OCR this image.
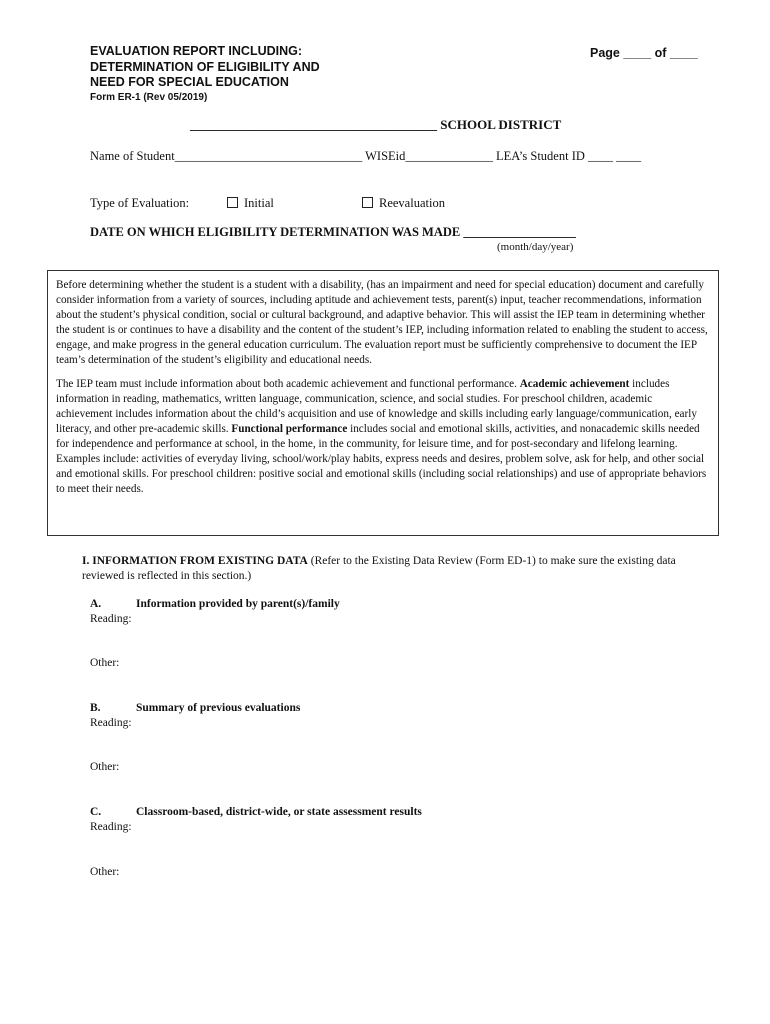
EVALUATION REPORT INCLUDING:
DETERMINATION OF ELIGIBILITY AND
NEED FOR SPECIAL EDUCATION
Page ____ of ____
Form ER-1 (Rev 05/2019)
______________________________________ SCHOOL DISTRICT
Name of Student______________________________ WISEid______________ LEA’s Student ID ____ ____
Type of Evaluation:	Initial	Reevaluation
DATE ON WHICH ELIGIBILITY DETERMINATION WAS MADE __________________
(month/day/year)

Before determining whether the student is a student with a disability, (has an impairment and need for special education) document and carefully consider information from a variety of sources, including aptitude and achievement tests, parent(s) input, teacher recommendations, information about the student’s physical condition, social or cultural background, and adaptive behavior. This will assist the IEP team in determining whether the student is or continues to have a disability and the content of the student’s IEP, including information related to enabling the student to access, engage, and make progress in the general education curriculum. The evaluation report must be sufficiently comprehensive to document the IEP team’s determination of the student’s eligibility and educational needs.

The IEP team must include information about both academic achievement and functional performance. Academic achievement includes information in reading, mathematics, written language, communication, science, and social studies. For preschool children, academic achievement includes information about the child’s acquisition and use of knowledge and skills including early language/communication, early literacy, and other pre-academic skills. Functional performance includes social and emotional skills, activities, and nonacademic skills needed for independence and performance at school, in the home, in the community, for leisure time, and for post-secondary and lifelong learning. Examples include: activities of everyday living, school/work/play habits, express needs and desires, problem solve, ask for help, and other social and emotional skills. For preschool children: positive social and emotional skills (including social relationships) and use of appropriate behaviors to meet their needs.

I. INFORMATION FROM EXISTING DATA (Refer to the Existing Data Review (Form ED-1) to make sure the existing data reviewed is reflected in this section.)
A.	Information provided by parent(s)/family
Reading:
Other:
B.	Summary of previous evaluations
Reading:
Other:
C.	Classroom-based, district-wide, or state assessment results
Reading:
Other:
